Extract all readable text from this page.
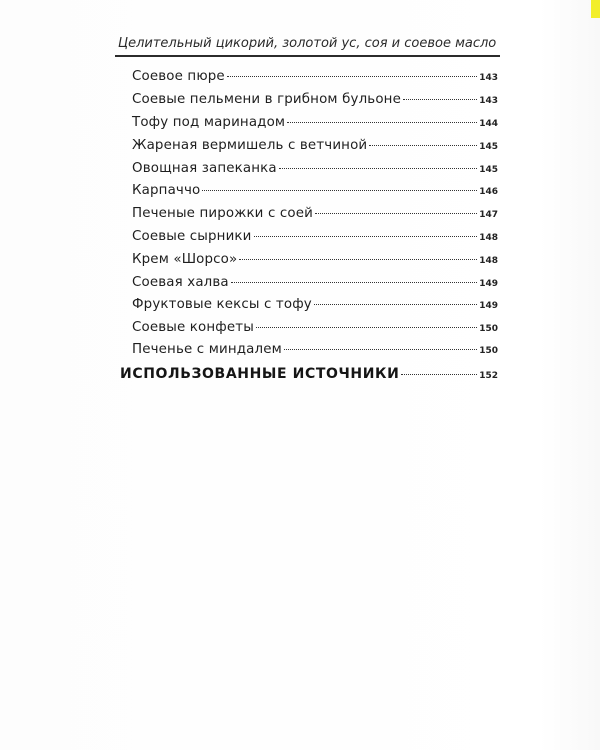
Целительный цикорий, золотой ус, соя и соевое масло
Соевое пюре	143
Соевые пельмени в грибном бульоне	143
Тофу под маринадом	144
Жареная вермишель с ветчиной	145
Овощная запеканка	145
Карпаччо	146
Печеные пирожки с соей	147
Соевые сырники	148
Крем «Шорсо»	148
Соевая халва	149
Фруктовые кексы с тофу	149
Соевые конфеты	150
Печенье с миндалем	150
ИСПОЛЬЗОВАННЫЕ ИСТОЧНИКИ	152
